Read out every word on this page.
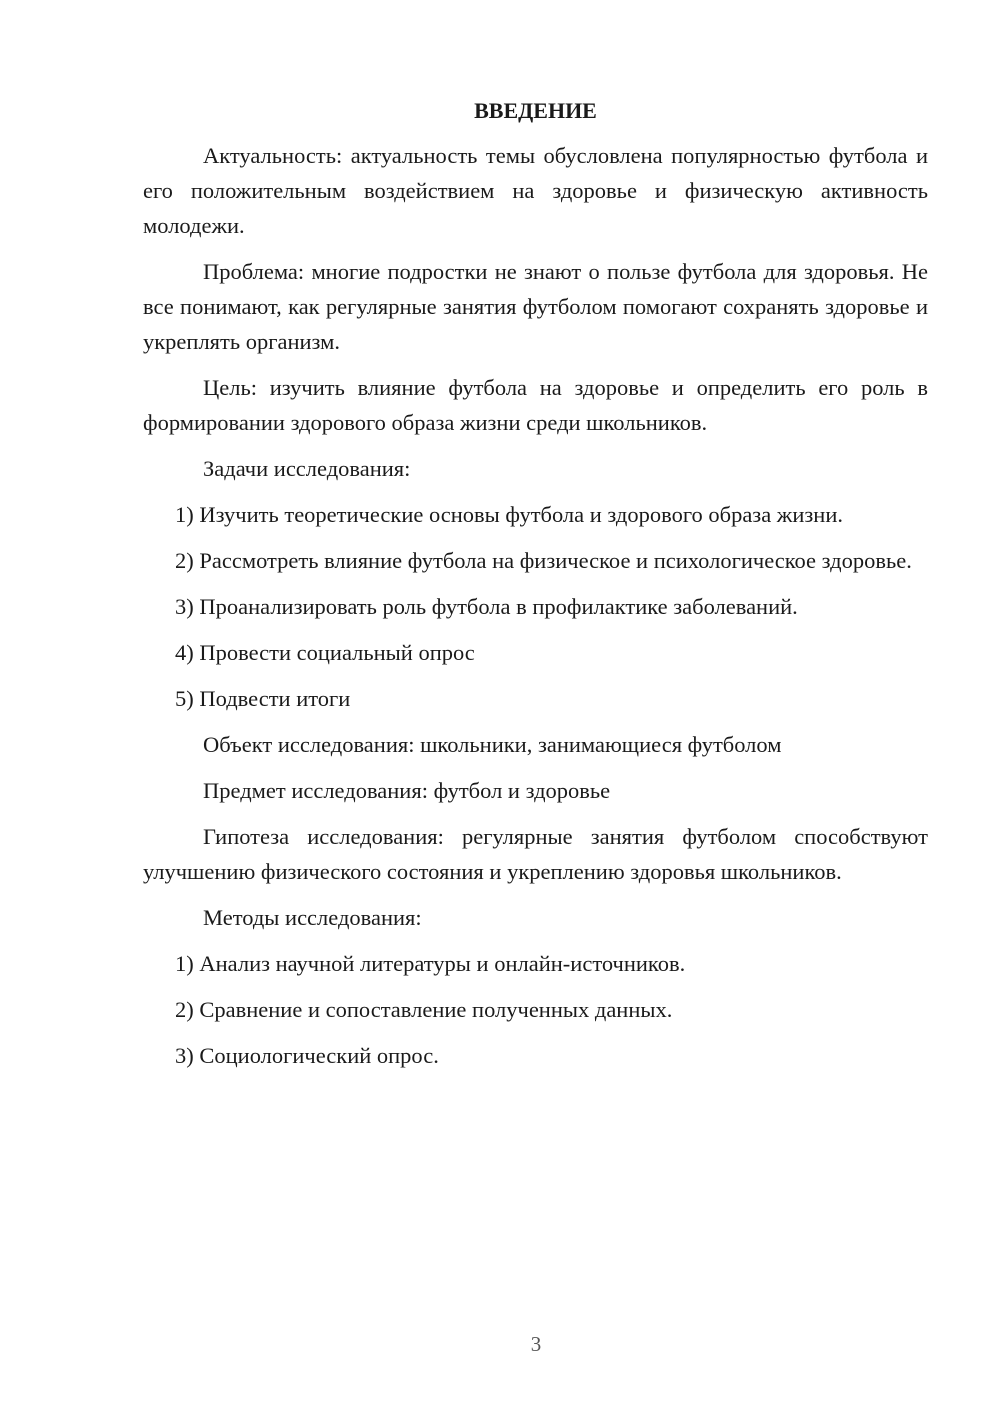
ВВЕДЕНИЕ

Актуальность: актуальность темы обусловлена популярностью футбола и его положительным воздействием на здоровье и физическую активность молодежи.

Проблема: многие подростки не знают о пользе футбола для здоровья. Не все понимают, как регулярные занятия футболом помогают сохранять здоровье и укреплять организм.

Цель: изучить влияние футбола на здоровье и определить его роль в формировании здорового образа жизни среди школьников.

Задачи исследования:

1) Изучить теоретические основы футбола и здорового образа жизни.

2) Рассмотреть влияние футбола на физическое и психологическое здоровье.

3) Проанализировать роль футбола в профилактике заболеваний.

4) Провести социальный опрос

5) Подвести итоги

Объект исследования: школьники, занимающиеся футболом

Предмет исследования: футбол и здоровье

Гипотеза исследования: регулярные занятия футболом способствуют улучшению физического состояния и укреплению здоровья школьников.

Методы исследования:

1) Анализ научной литературы и онлайн-источников.

2) Сравнение и сопоставление полученных данных.

3) Социологический опрос.

3
